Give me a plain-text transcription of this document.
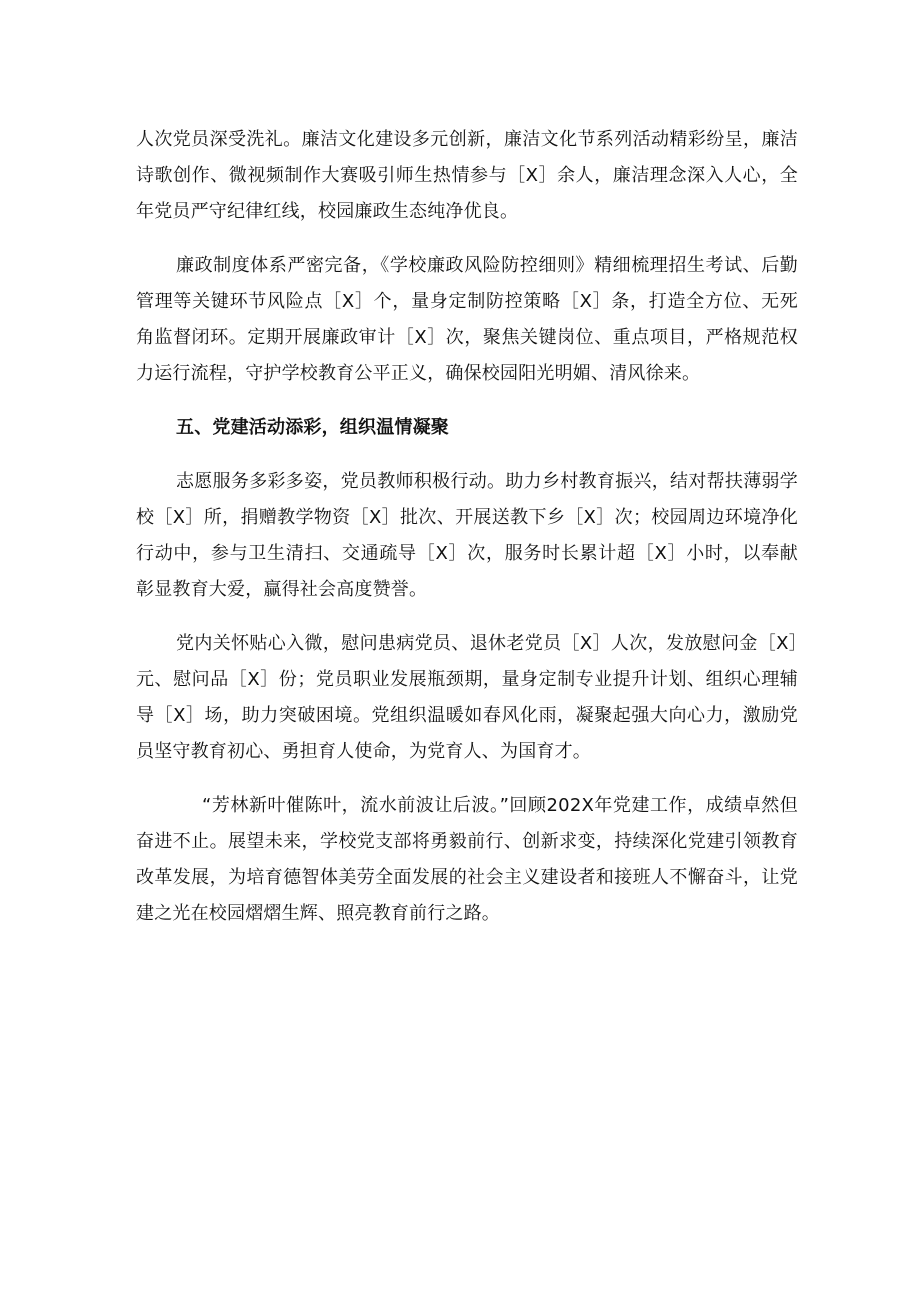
人次党员深受洗礼。廉洁文化建设多元创新，廉洁文化节系列活动精彩纷呈，廉洁诗歌创作、微视频制作大赛吸引师生热情参与［X］余人，廉洁理念深入人心，全年党员严守纪律红线，校园廉政生态纯净优良。

廉政制度体系严密完备，《学校廉政风险防控细则》精细梳理招生考试、后勤管理等关键环节风险点［X］个，量身定制防控策略［X］条，打造全方位、无死角监督闭环。定期开展廉政审计［X］次，聚焦关键岗位、重点项目，严格规范权力运行流程，守护学校教育公平正义，确保校园阳光明媚、清风徐来。

五、党建活动添彩，组织温情凝聚

志愿服务多彩多姿，党员教师积极行动。助力乡村教育振兴，结对帮扶薄弱学校［X］所，捐赠教学物资［X］批次、开展送教下乡［X］次；校园周边环境净化行动中，参与卫生清扫、交通疏导［X］次，服务时长累计超［X］小时，以奉献彰显教育大爱，赢得社会高度赞誉。

党内关怀贴心入微，慰问患病党员、退休老党员［X］人次，发放慰问金［X］元、慰问品［X］份；党员职业发展瓶颈期，量身定制专业提升计划、组织心理辅导［X］场，助力突破困境。党组织温暖如春风化雨，凝聚起强大向心力，激励党员坚守教育初心、勇担育人使命，为党育人、为国育才。

“芳林新叶催陈叶，流水前波让后波。”回顾202X年党建工作，成绩卓然但奋进不止。展望未来，学校党支部将勇毅前行、创新求变，持续深化党建引领教育改革发展，为培育德智体美劳全面发展的社会主义建设者和接班人不懈奋斗，让党建之光在校园熠熠生辉、照亮教育前行之路。
